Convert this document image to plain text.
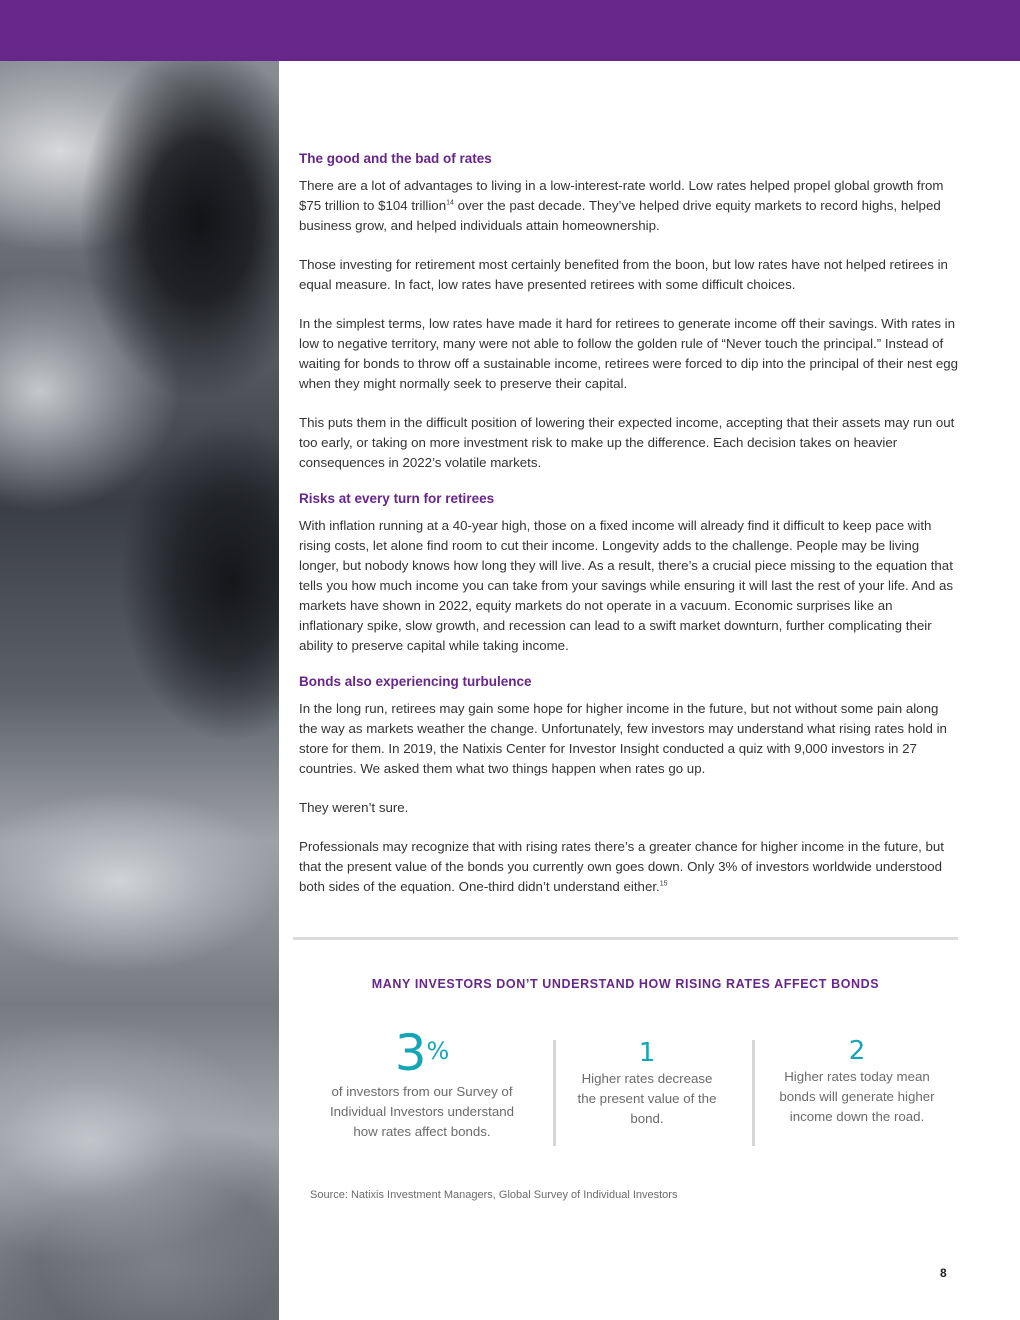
The good and the bad of rates

There are a lot of advantages to living in a low-interest-rate world. Low rates helped propel global growth from $75 trillion to $104 trillion$^{14}$ over the past decade. They’ve helped drive equity markets to record highs, helped business grow, and helped individuals attain homeownership.

Those investing for retirement most certainly benefited from the boon, but low rates have not helped retirees in equal measure. In fact, low rates have presented retirees with some difficult choices.

In the simplest terms, low rates have made it hard for retirees to generate income off their savings. With rates in low to negative territory, many were not able to follow the golden rule of “Never touch the principal.” Instead of waiting for bonds to throw off a sustainable income, retirees were forced to dip into the principal of their nest egg when they might normally seek to preserve their capital.

This puts them in the difficult position of lowering their expected income, accepting that their assets may run out too early, or taking on more investment risk to make up the difference. Each decision takes on heavier consequences in 2022’s volatile markets.

Risks at every turn for retirees

With inflation running at a 40-year high, those on a fixed income will already find it difficult to keep pace with rising costs, let alone find room to cut their income. Longevity adds to the challenge. People may be living longer, but nobody knows how long they will live. As a result, there’s a crucial piece missing to the equation that tells you how much income you can take from your savings while ensuring it will last the rest of your life. And as markets have shown in 2022, equity markets do not operate in a vacuum. Economic surprises like an inflationary spike, slow growth, and recession can lead to a swift market downturn, further complicating their ability to preserve capital while taking income.

Bonds also experiencing turbulence

In the long run, retirees may gain some hope for higher income in the future, but not without some pain along the way as markets weather the change. Unfortunately, few investors may understand what rising rates hold in store for them. In 2019, the Natixis Center for Investor Insight conducted a quiz with 9,000 investors in 27 countries. We asked them what two things happen when rates go up.

They weren’t sure.

Professionals may recognize that with rising rates there’s a greater chance for higher income in the future, but that the present value of the bonds you currently own goes down. Only 3% of investors worldwide understood both sides of the equation. One-third didn’t understand either.$^{15}$

MANY INVESTORS DON’T UNDERSTAND HOW RISING RATES AFFECT BONDS
3%
of investors from our Survey of Individual Investors understand how rates affect bonds.
1
Higher rates decrease the present value of the bond.
2
Higher rates today mean bonds will generate higher income down the road.
Source: Natixis Investment Managers, Global Survey of Individual Investors
8
